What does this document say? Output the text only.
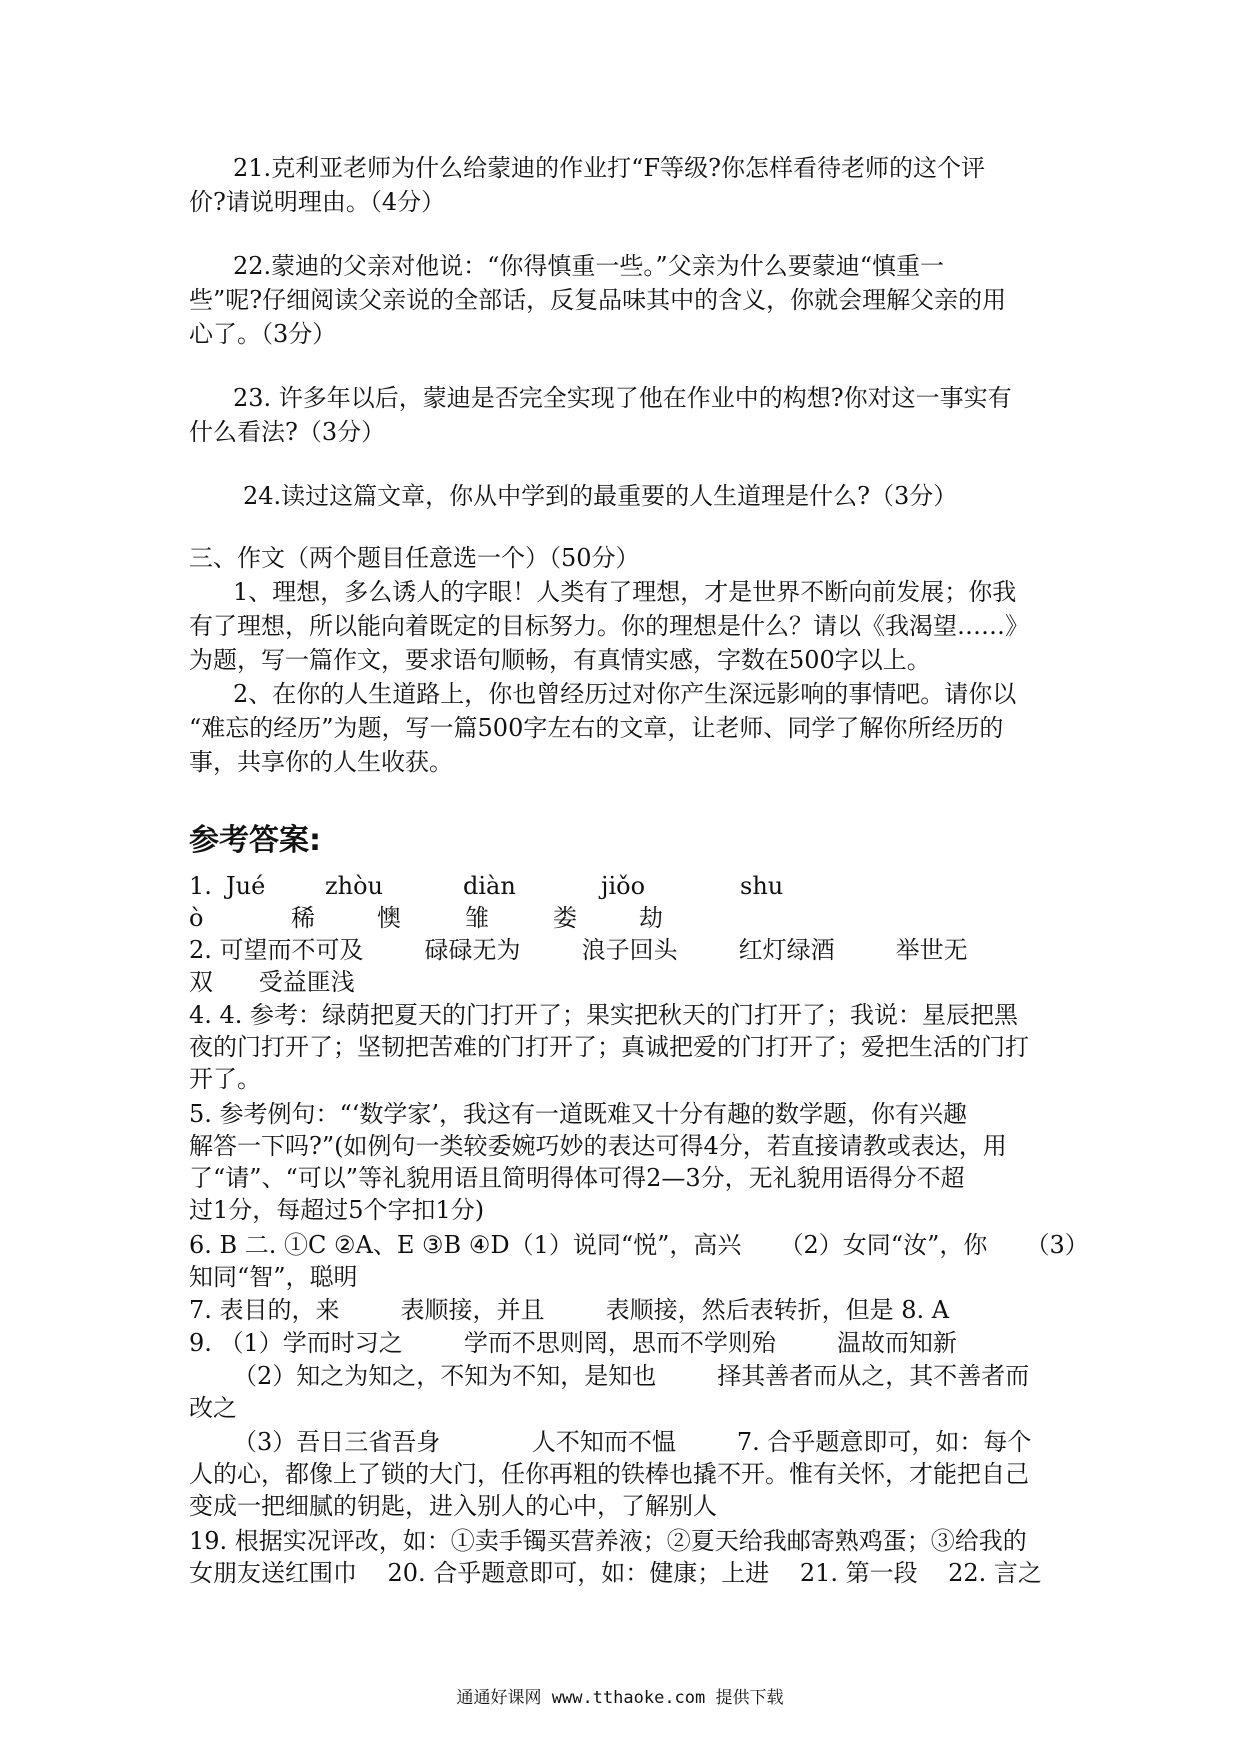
21.克利亚老师为什么给蒙迪的作业打“F等级?你怎样看待老师的这个评
价?请说明理由。（4分）
22.蒙迪的父亲对他说：“你得慎重一些。”父亲为什么要蒙迪“慎重一
些”呢?仔细阅读父亲说的全部话，反复品味其中的含义，你就会理解父亲的用
心了。（3分）
23. 许多年以后，蒙迪是否完全实现了他在作业中的构想?你对这一事实有
什么看法?（3分）
24.读过这篇文章，你从中学到的最重要的人生道理是什么?（3分）
三、作文（两个题目任意选一个）（50分）
1、理想，多么诱人的字眼！人类有了理想，才是世界不断向前发展；你我
有了理想，所以能向着既定的目标努力。你的理想是什么？请以《我渴望……》
为题，写一篇作文，要求语句顺畅，有真情实感，字数在500字以上。
2、在你的人生道路上，你也曾经历过对你产生深远影响的事情吧。请你以
“难忘的经历”为题，写一篇500字左右的文章，让老师、同学了解你所经历的
事，共享你的人生收获。
参考答案:
1. Jué zhòu	diàn	jiǒo	shu
ò	稀	懊	雏	娄	劫
2. 可望而不可及        碌碌无为        浪子回头        红灯绿酒        举世无
双      受益匪浅
4. 4. 参考：绿荫把夏天的门打开了；果实把秋天的门打开了；我说：星辰把黑
夜的门打开了；坚韧把苦难的门打开了；真诚把爱的门打开了；爱把生活的门打
开了。
5. 参考例句：“‘数学家’，我这有一道既难又十分有趣的数学题，你有兴趣
解答一下吗?”(如例句一类较委婉巧妙的表达可得4分，若直接请教或表达，用
了“请”、“可以”等礼貌用语且简明得体可得2—3分，无礼貌用语得分不超
过1分，每超过5个字扣1分)
6. B 二. ①C ②A、E ③B ④D（1）说同“悦”，高兴     （2）女同“汝”，你     （3）
知同“智”，聪明
7. 表目的，来        表顺接，并且        表顺接，然后表转折，但是 8. A
9. （1）学而时习之        学而不思则罔，思而不学则殆        温故而知新
（2）知之为知之，不知为不知，是知也        择其善者而从之，其不善者而
改之
（3）吾日三省吾身            人不知而不愠        7. 合乎题意即可，如：每个
人的心，都像上了锁的大门，任你再粗的铁棒也撬不开。惟有关怀，才能把自己
变成一把细腻的钥匙，进入别人的心中，了解别人
19. 根据实况评改，如：①卖手镯买营养液；②夏天给我邮寄熟鸡蛋；③给我的
女朋友送红围巾    20. 合乎题意即可，如：健康；上进    21. 第一段    22. 言之
通通好课网 www.tthaoke.com 提供下载
